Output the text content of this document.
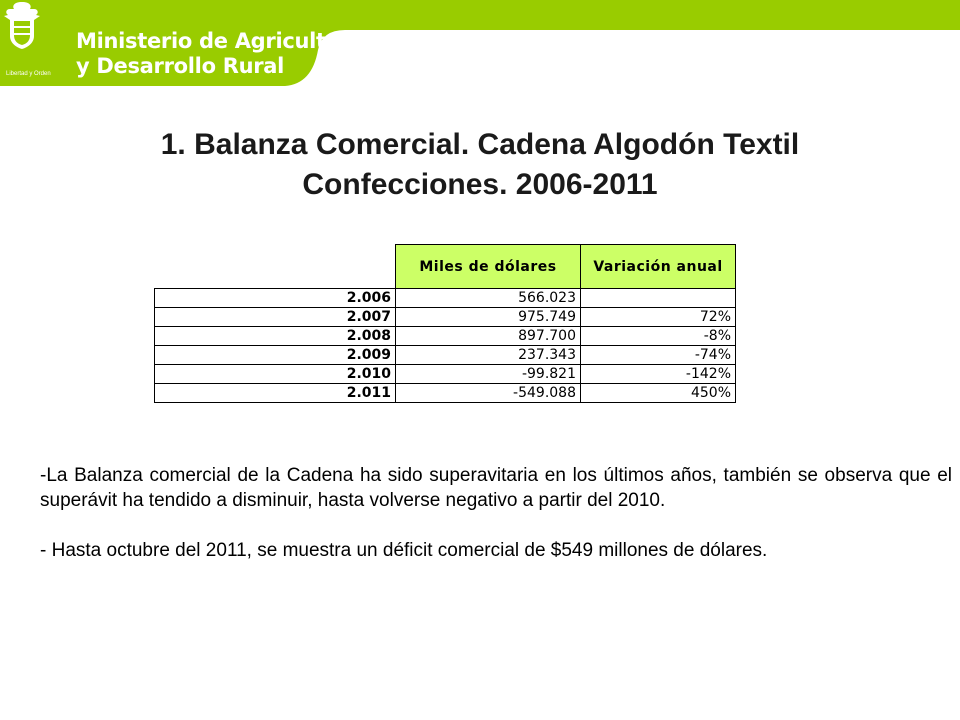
Libertad y Orden
Ministerio de Agricultura
y Desarrollo Rural
1. Balanza Comercial. Cadena Algodón Textil
Confecciones. 2006-2011
	Miles de dólares	Variación anual
2.006	566.023	
2.007	975.749	72%
2.008	897.700	-8%
2.009	237.343	-74%
2.010	-99.821	-142%
2.011	-549.088	450%

-La Balanza comercial de la Cadena ha sido superavitaria en los últimos años, también se observa que el superávit ha tendido a disminuir, hasta volverse negativo a partir del 2010.

- Hasta octubre del 2011, se muestra un déficit comercial de $549 millones de dólares.
